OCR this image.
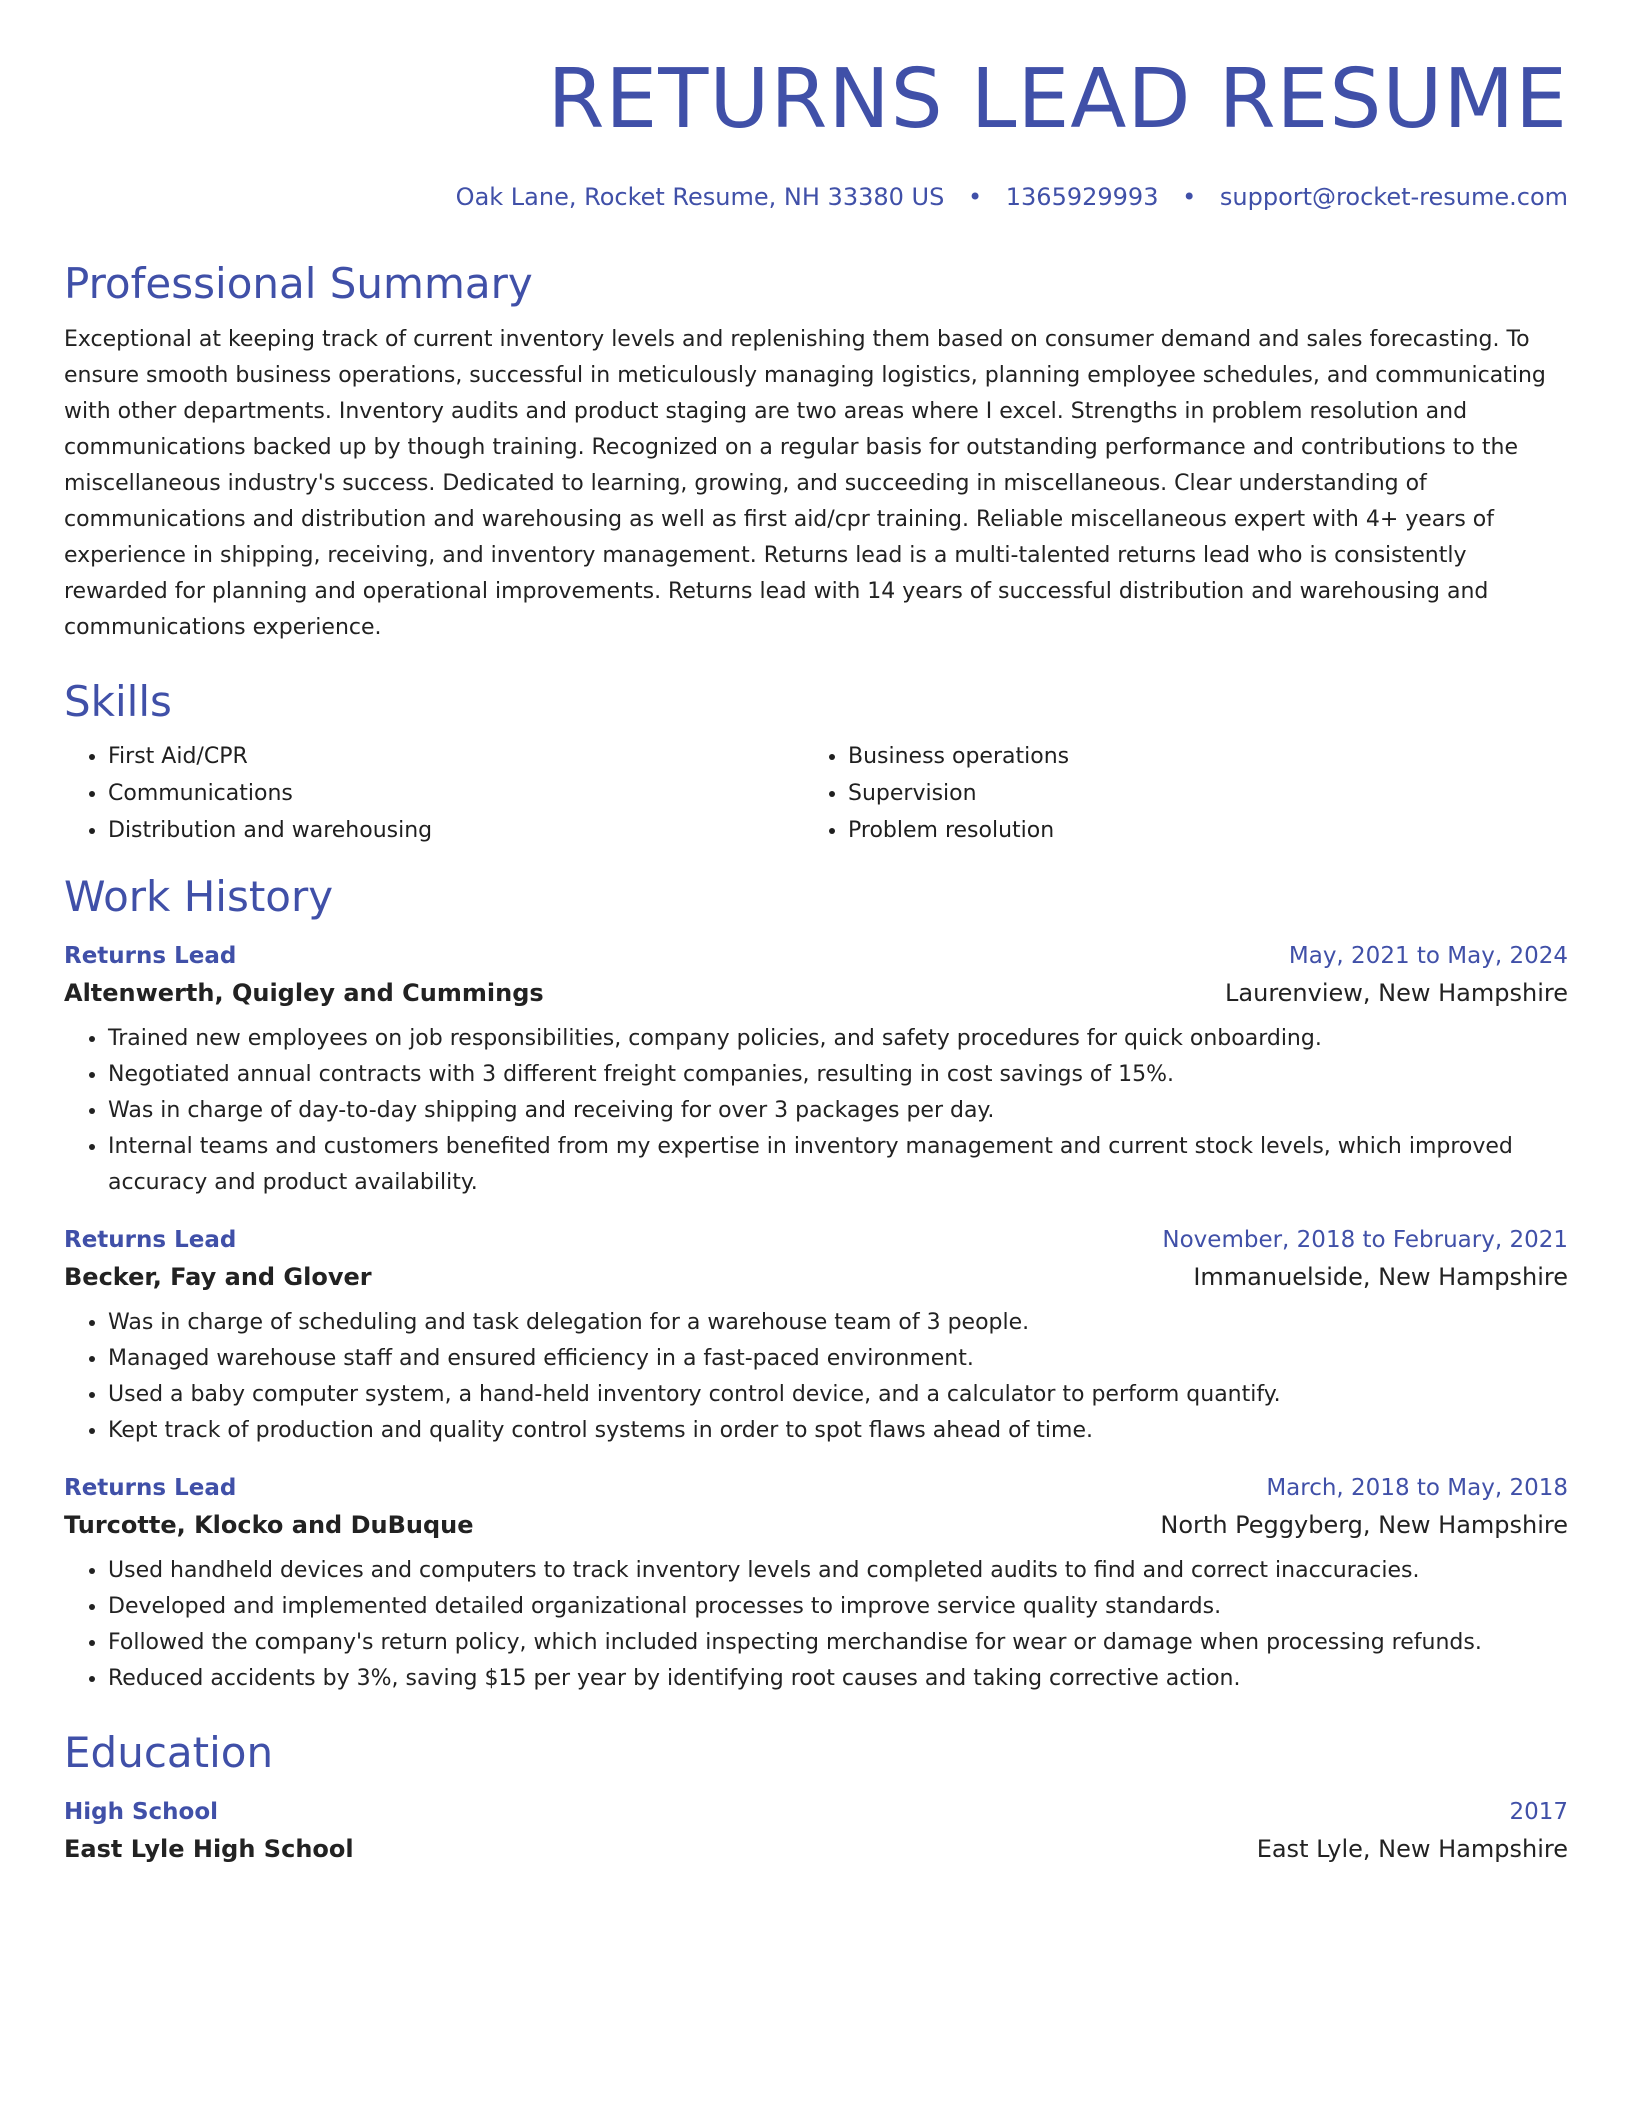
RETURNS LEAD RESUME
Oak Lane, Rocket Resume, NH 33380 US • 1365929993 • support@rocket-resume.com
Professional Summary

Exceptional at keeping track of current inventory levels and replenishing them based on consumer demand and sales forecasting. To ensure smooth business operations, successful in meticulously managing logistics, planning employee schedules, and communicating with other departments. Inventory audits and product staging are two areas where I excel. Strengths in problem resolution and communications backed up by though training. Recognized on a regular basis for outstanding performance and contributions to the miscellaneous industry's success. Dedicated to learning, growing, and succeeding in miscellaneous. Clear understanding of communications and distribution and warehousing as well as first aid/cpr training. Reliable miscellaneous expert with 4+ years of experience in shipping, receiving, and inventory management. Returns lead is a multi-talented returns lead who is consistently rewarded for planning and operational improvements. Returns lead with 14 years of successful distribution and warehousing and communications experience.

Skills
• First Aid/CPR
• Communications
• Distribution and warehousing
• Business operations
• Supervision
• Problem resolution
Work History
Returns Lead	May, 2021 to May, 2024
Altenwerth, Quigley and Cummings	Laurenview, New Hampshire
• Trained new employees on job responsibilities, company policies, and safety procedures for quick onboarding.
• Negotiated annual contracts with 3 different freight companies, resulting in cost savings of 15%.
• Was in charge of day-to-day shipping and receiving for over 3 packages per day.
• Internal teams and customers benefited from my expertise in inventory management and current stock levels, which improved accuracy and product availability.
Returns Lead	November, 2018 to February, 2021
Becker, Fay and Glover	Immanuelside, New Hampshire
• Was in charge of scheduling and task delegation for a warehouse team of 3 people.
• Managed warehouse staff and ensured efficiency in a fast-paced environment.
• Used a baby computer system, a hand-held inventory control device, and a calculator to perform quantify.
• Kept track of production and quality control systems in order to spot flaws ahead of time.
Returns Lead	March, 2018 to May, 2018
Turcotte, Klocko and DuBuque	North Peggyberg, New Hampshire
• Used handheld devices and computers to track inventory levels and completed audits to find and correct inaccuracies.
• Developed and implemented detailed organizational processes to improve service quality standards.
• Followed the company's return policy, which included inspecting merchandise for wear or damage when processing refunds.
• Reduced accidents by 3%, saving $15 per year by identifying root causes and taking corrective action.
Education
High School	2017
East Lyle High School	East Lyle, New Hampshire
